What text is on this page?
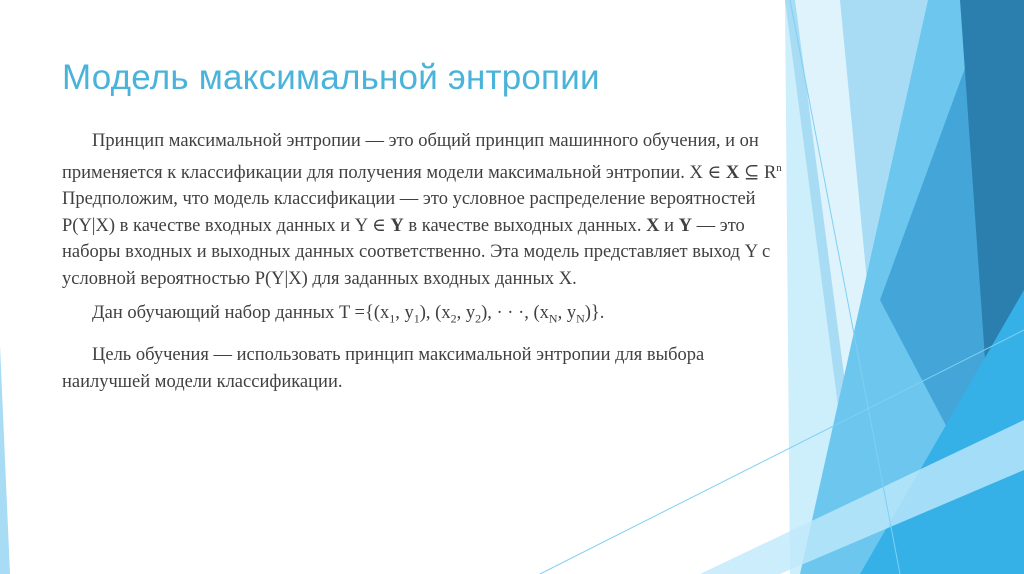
Модель максимальной энтропии

Принцип максимальной энтропии — это общий принцип машинного обучения, и он применяется к классификации для получения модели максимальной энтропии. X ∈ X ⊆ $R^n$ Предположим, что модель классификации — это условное распределение вероятностей P(Y|X) в качестве входных данных и Y ∈ Y в качестве выходных данных. X и Y — это наборы входных и выходных данных соответственно. Эта модель представляет выход Y с условной вероятностью P(Y|X) для заданных входных данных X.

Дан обучающий набор данных $T =\{(x_1$, $y_1$), ($x_2$, $y_2$), · · ·, ($x_N$, $y_N$)}.

Цель обучения — использовать принцип максимальной энтропии для выбора наилучшей модели классификации.
